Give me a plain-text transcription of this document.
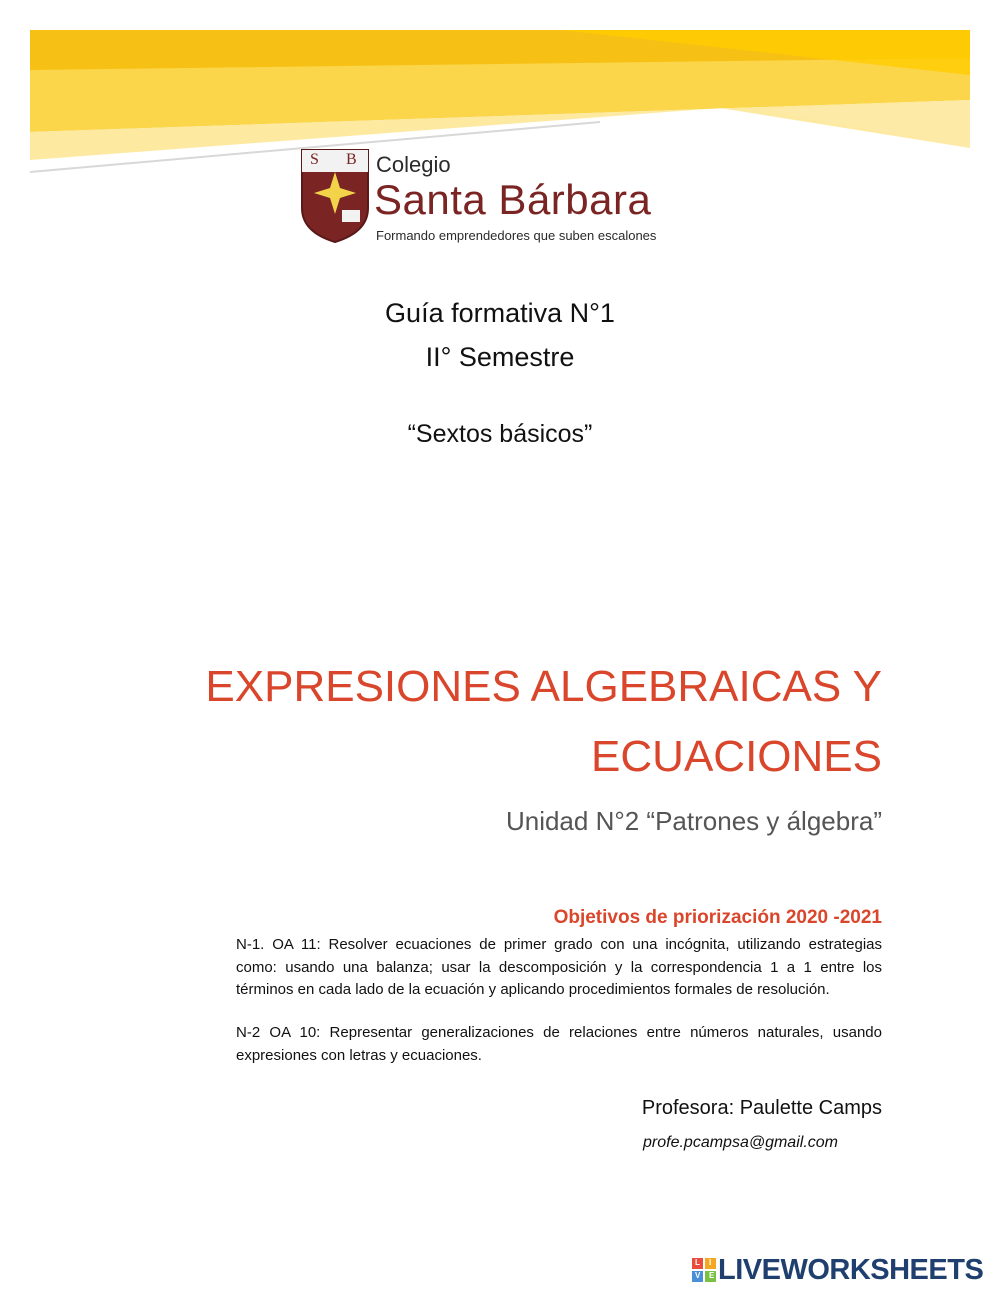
S B Colegio
Santa Bárbara
Formando emprendedores que suben escalones
Guía formativa N°1
II° Semestre
“Sextos básicos”
EXPRESIONES ALGEBRAICAS Y
ECUACIONES
Unidad N°2 “Patrones y álgebra”
Objetivos de priorización 2020 -2021
N-1. OA 11: Resolver ecuaciones de primer grado con una incógnita, utilizando estrategias como: usando una balanza; usar la descomposición y la correspondencia 1 a 1 entre los términos en cada lado de la ecuación y aplicando procedimientos formales de resolución.
N-2 OA 10: Representar generalizaciones de relaciones entre números naturales, usando expresiones con letras y ecuaciones.
Profesora: Paulette Camps
profe.pcampsa@gmail.com
L I
V E LIVEWORKSHEETS
